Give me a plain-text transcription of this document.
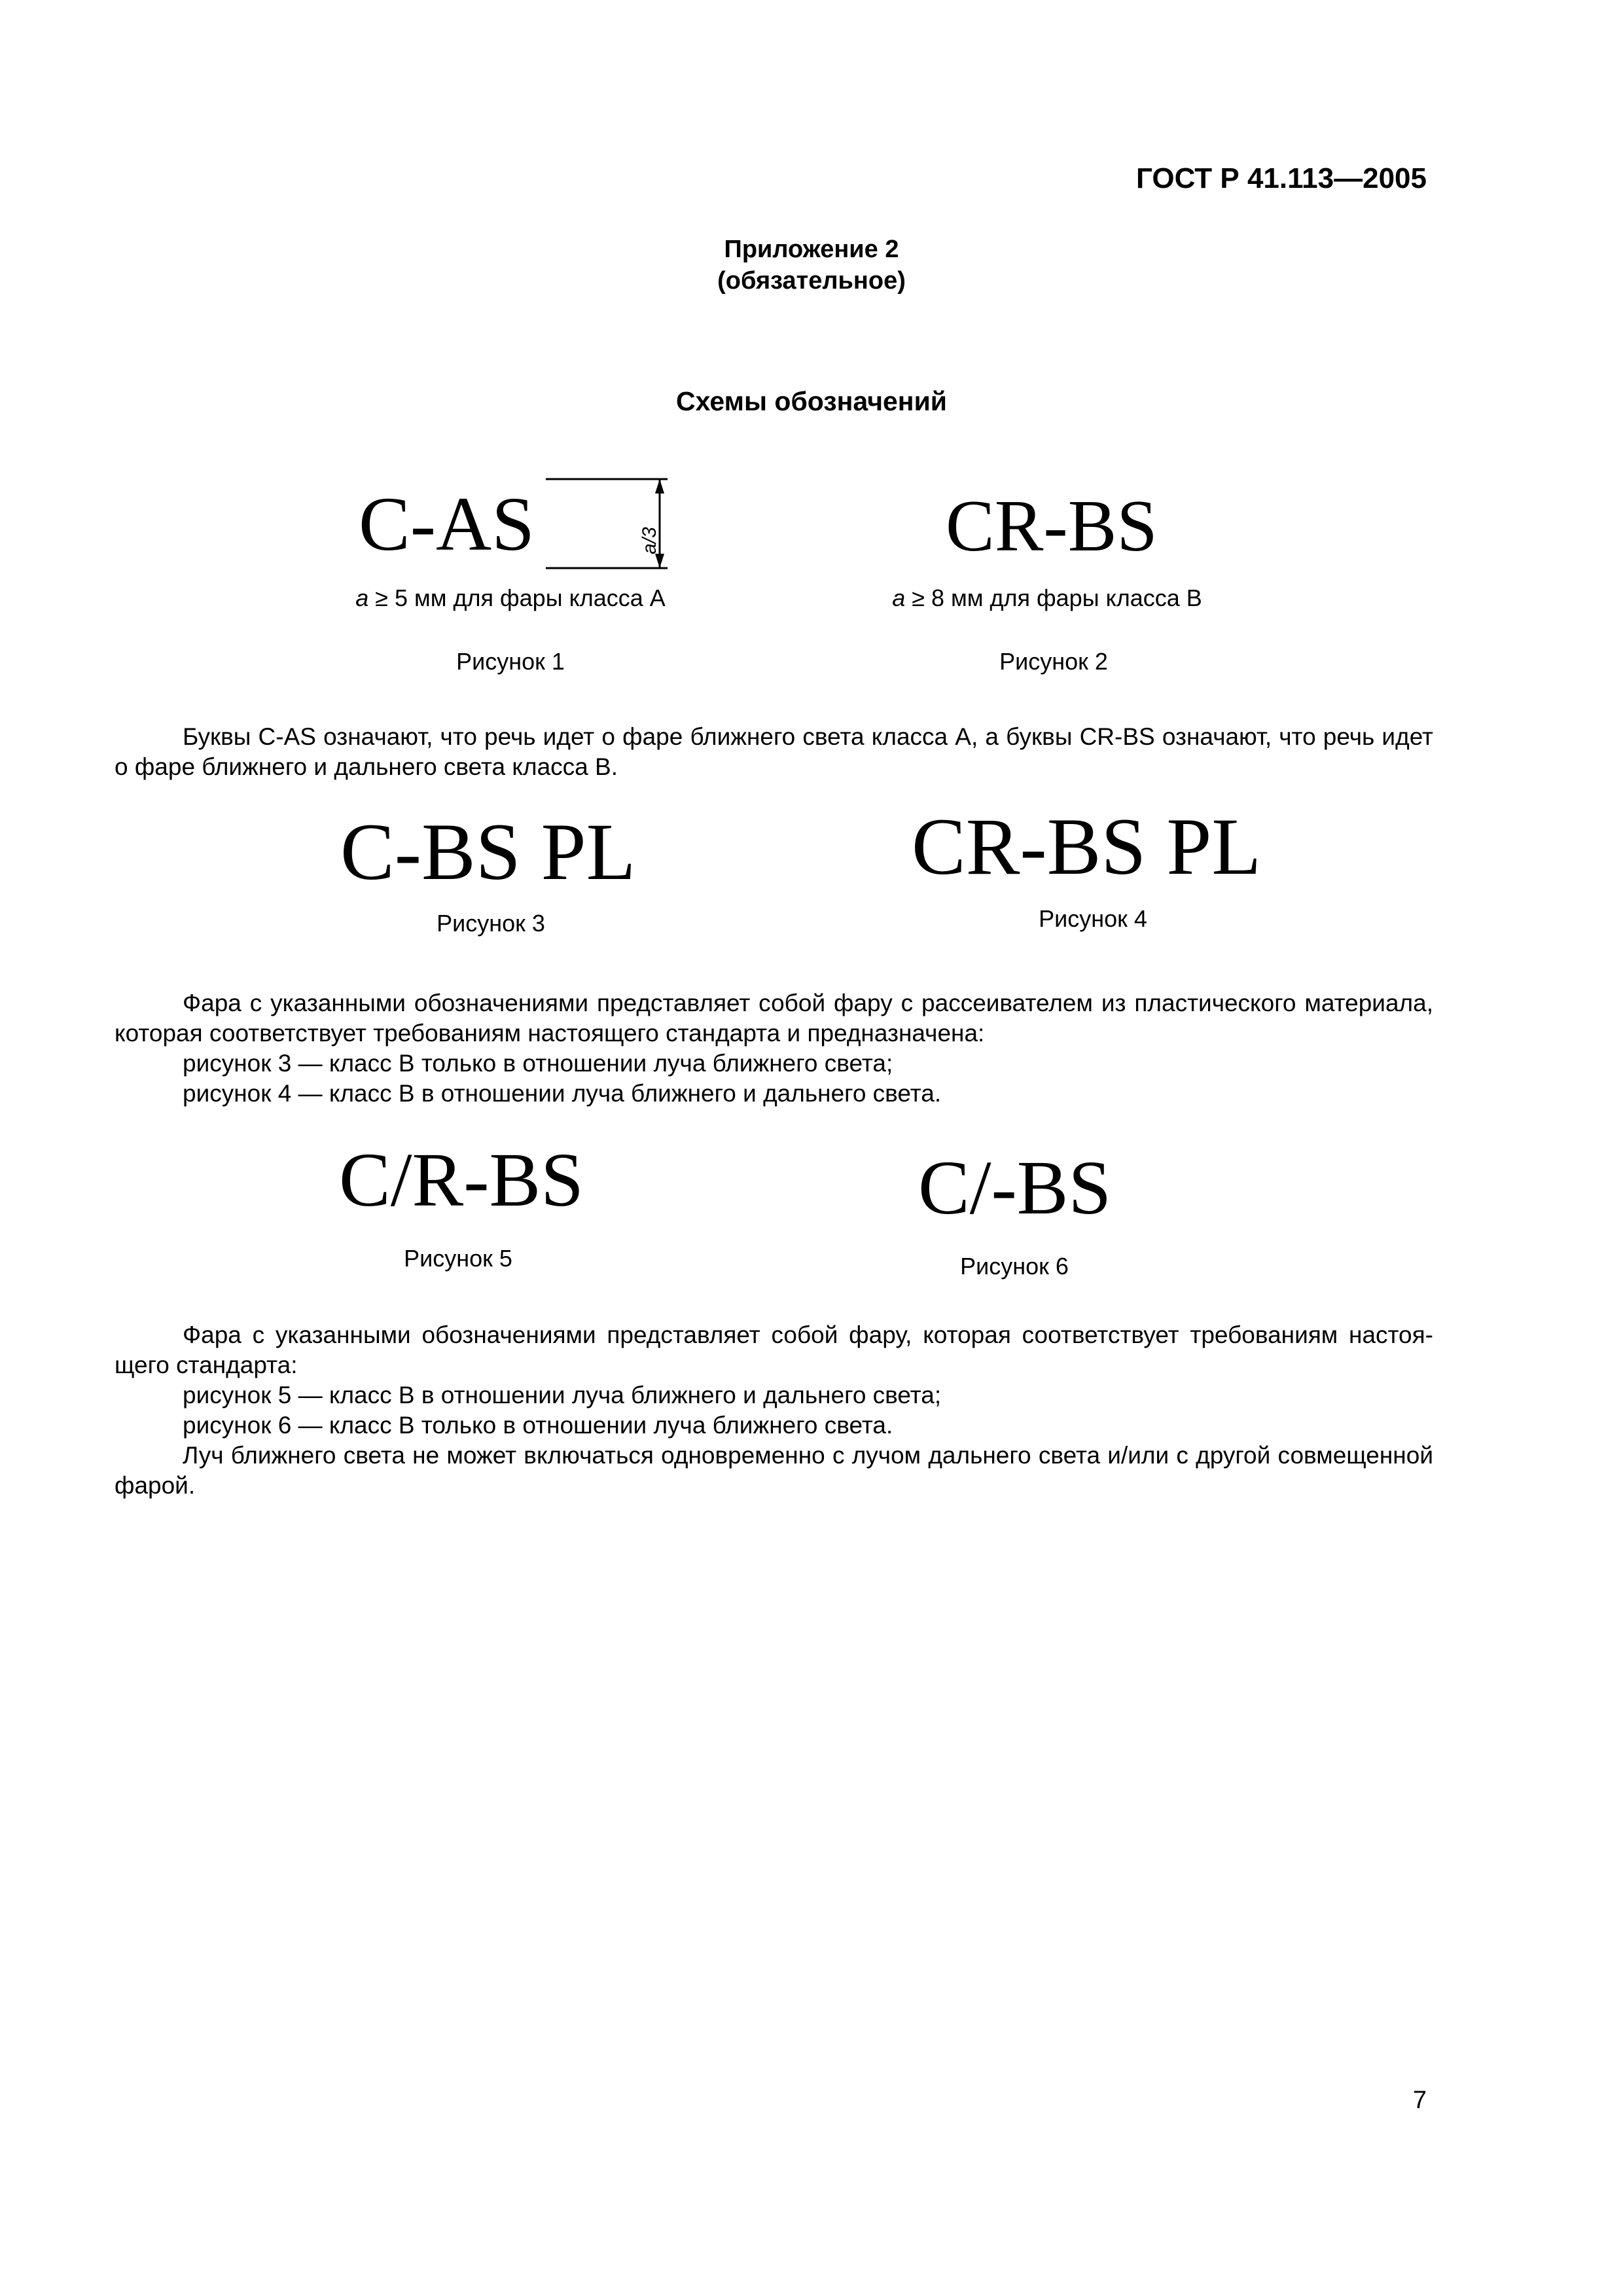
ГОСТ Р 41.113—2005
Приложение 2
(обязательное)
Схемы обозначений
C-AS	a/3
a ≥ 5 мм для фары класса A
Рисунок 1
CR-BS
a ≥ 8 мм для фары класса B
Рисунок 2

Буквы C-AS означают, что речь идет о фаре ближнего света класса A, а буквы CR-BS означают, что речь идет

о фаре ближнего и дальнего света класса B.

C-BS PL
Рисунок 3
CR-BS PL
Рисунок 4

Фара с указанными обозначениями представляет собой фару с рассеивателем из пластического материала,

которая соответствует требованиям настоящего стандарта и предназначена:

рисунок 3 — класс B только в отношении луча ближнего света;

рисунок 4 — класс B в отношении луча ближнего и дальнего света.

C/R-BS
Рисунок 5
C/-BS
Рисунок 6

Фара с указанными обозначениями представляет собой фару, которая соответствует требованиям настоя-

щего стандарта:

рисунок 5 — класс B в отношении луча ближнего и дальнего света;

рисунок 6 — класс B только в отношении луча ближнего света.

Луч ближнего света не может включаться одновременно с лучом дальнего света и/или с другой совмещенной

фарой.

7
